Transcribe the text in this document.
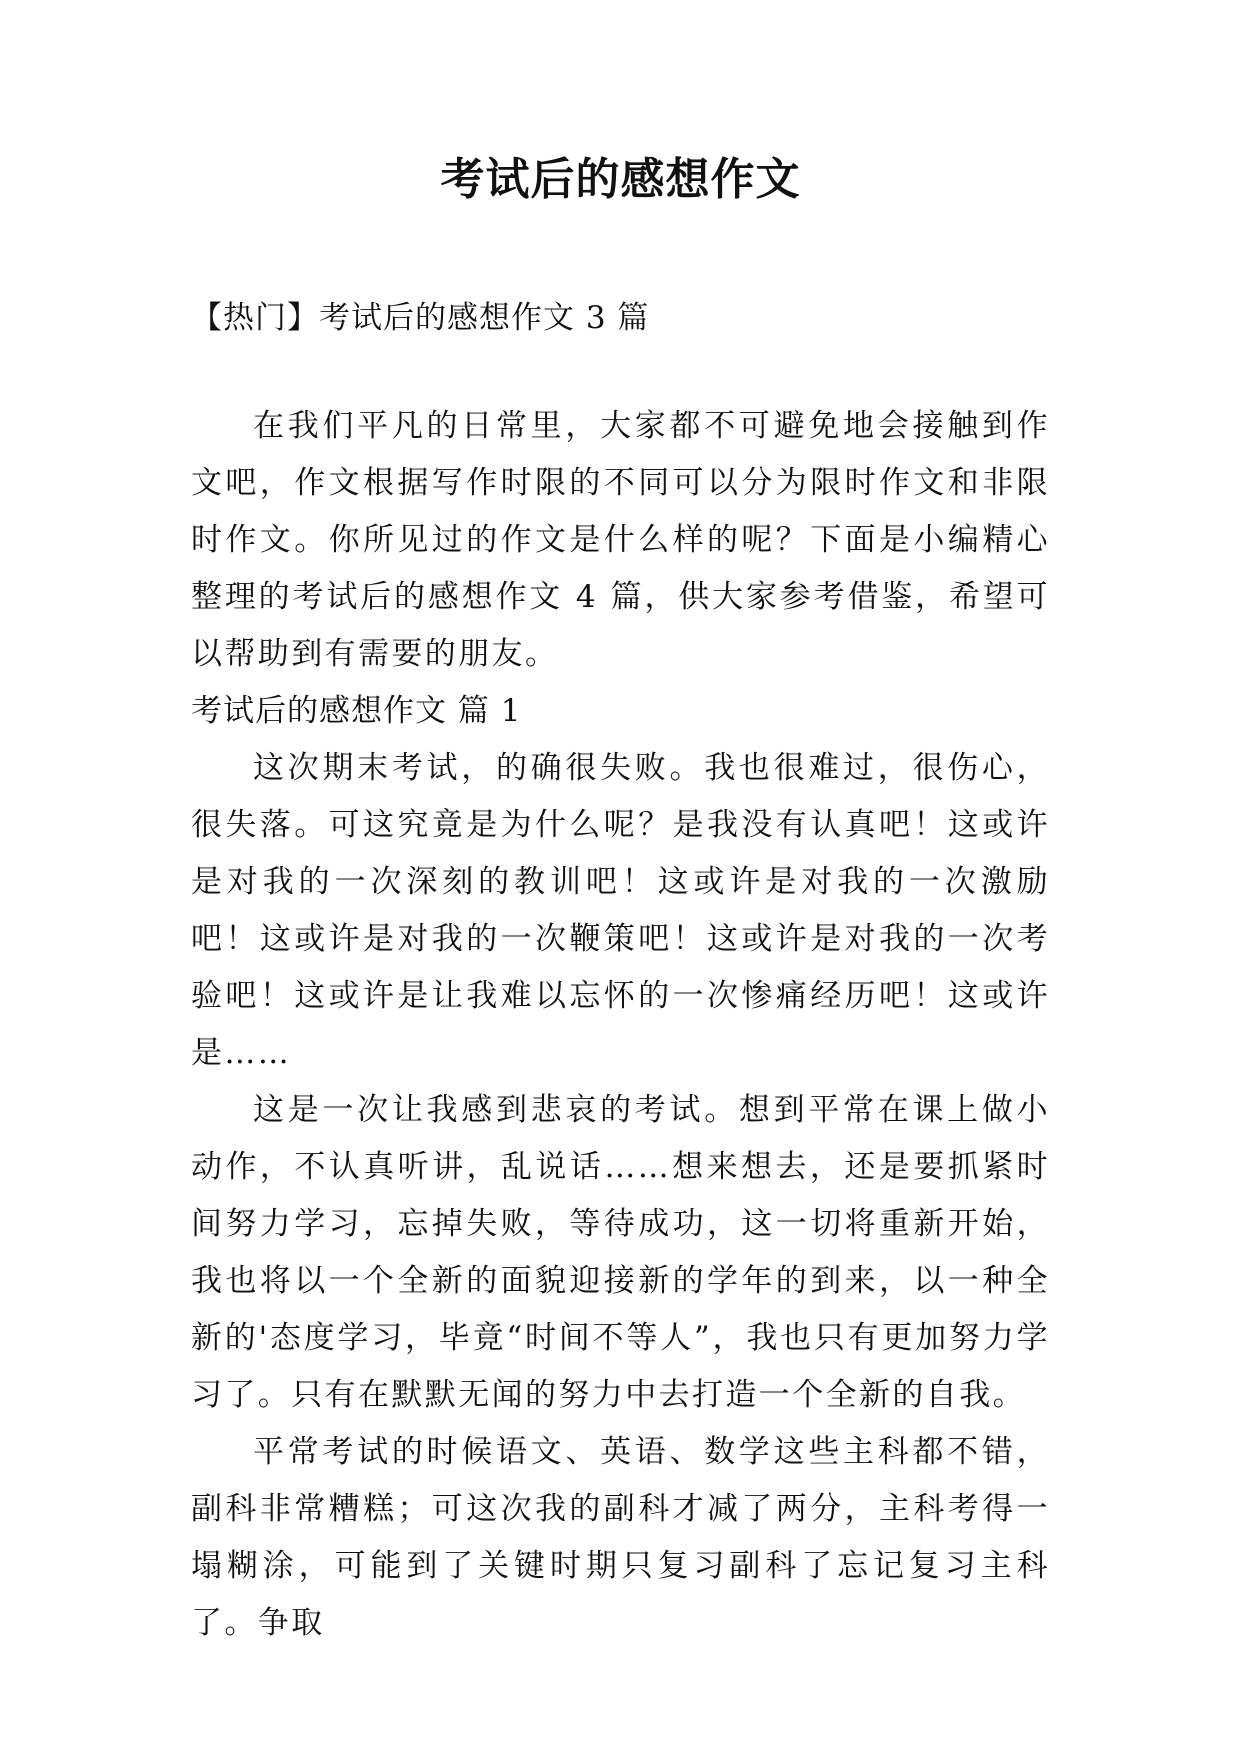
考试后的感想作文

【热门】考试后的感想作文 3 篇

在我们平凡的日常里，大家都不可避免地会接触到作文吧，作文根据写作时限的不同可以分为限时作文和非限时作文。你所见过的作文是什么样的呢？下面是小编精心整理的考试后的感想作文 4 篇，供大家参考借鉴，希望可以帮助到有需要的朋友。

考试后的感想作文 篇 1

这次期末考试，的确很失败。我也很难过，很伤心，很失落。可这究竟是为什么呢？是我没有认真吧！这或许是对我的一次深刻的教训吧！这或许是对我的一次激励吧！这或许是对我的一次鞭策吧！这或许是对我的一次考验吧！这或许是让我难以忘怀的一次惨痛经历吧！这或许是……

这是一次让我感到悲哀的考试。想到平常在课上做小动作，不认真听讲，乱说话……想来想去，还是要抓紧时间努力学习，忘掉失败，等待成功，这一切将重新开始，我也将以一个全新的面貌迎接新的学年的到来，以一种全新的'态度学习，毕竟“时间不等人”，我也只有更加努力学习了。只有在默默无闻的努力中去打造一个全新的自我。

平常考试的时候语文、英语、数学这些主科都不错，副科非常糟糕；可这次我的副科才减了两分，主科考得一塌糊涂，可能到了关键时期只复习副科了忘记复习主科了。争取
